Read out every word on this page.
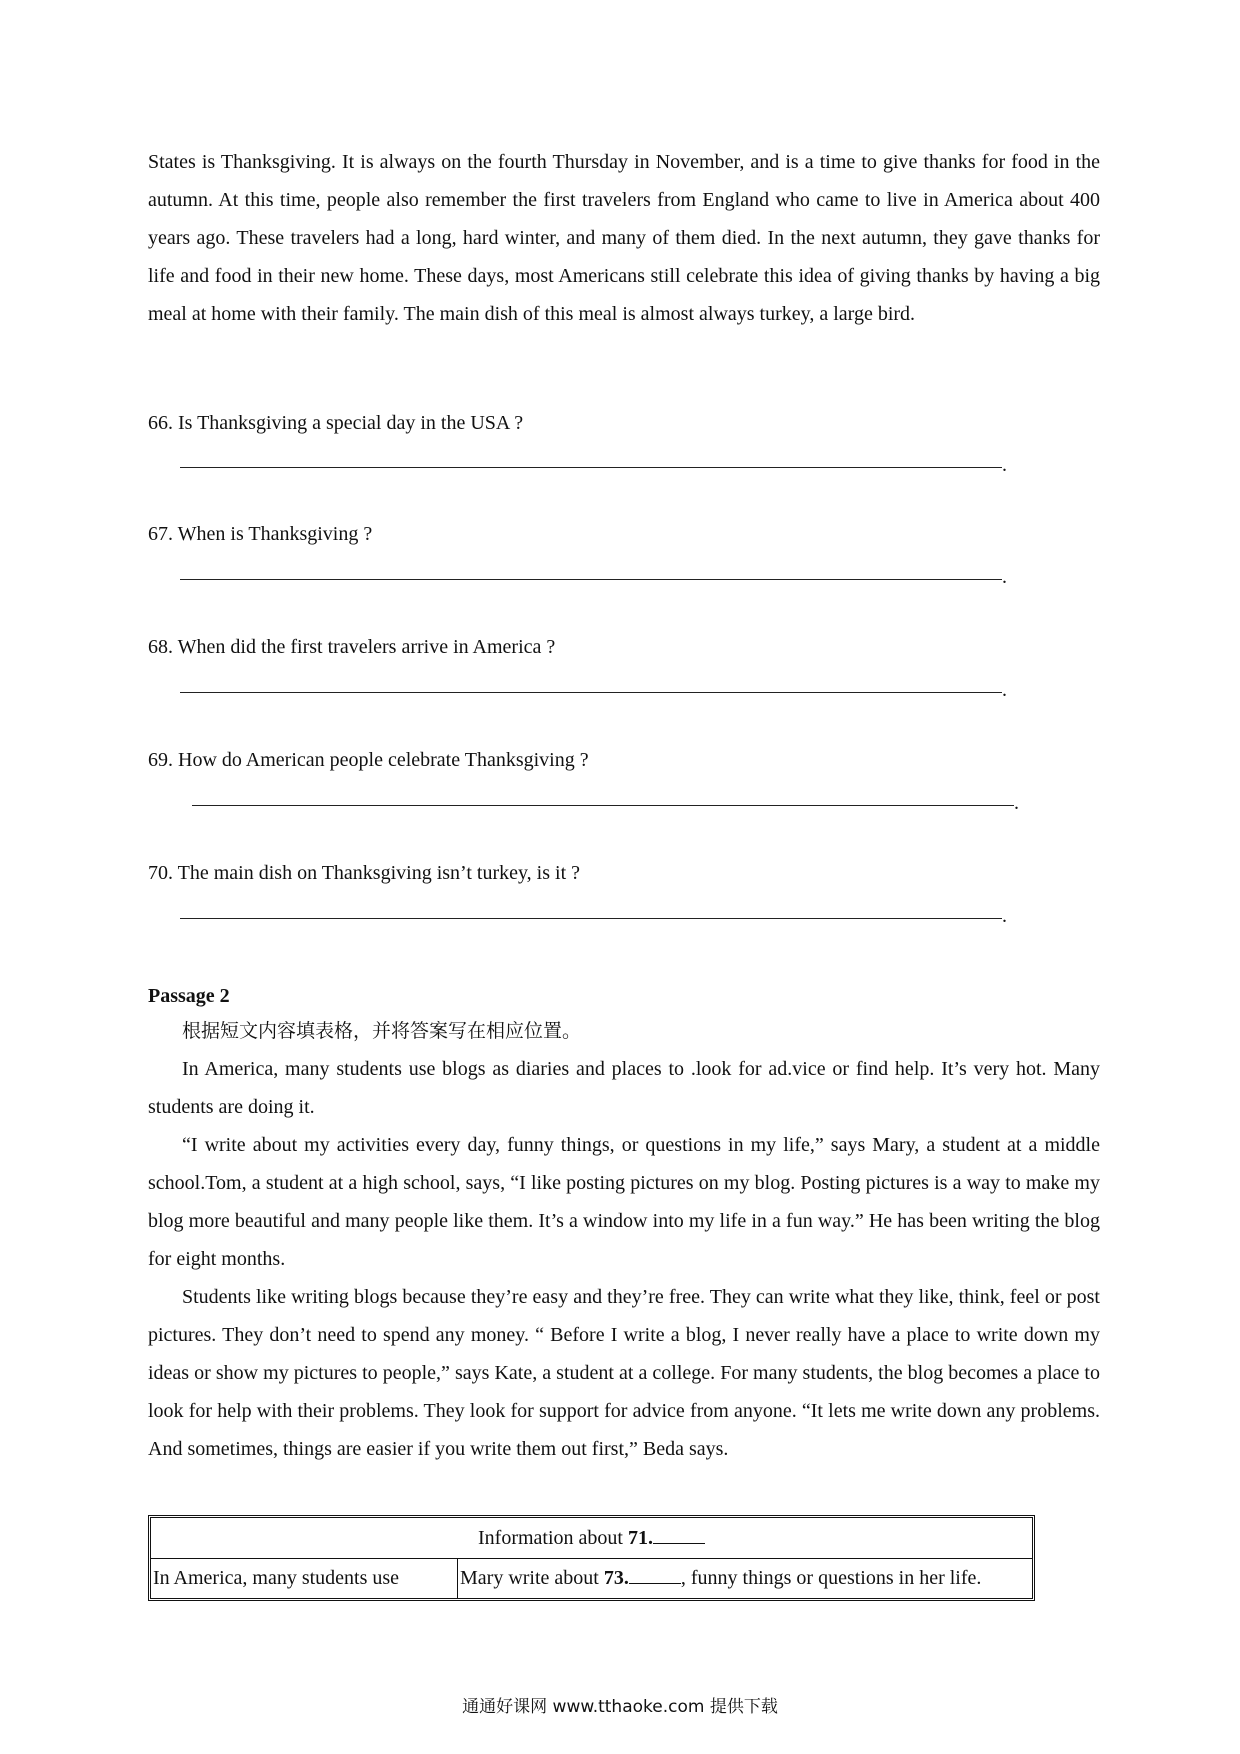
States is Thanksgiving. It is always on the fourth Thursday in November, and is a time to give thanks for food in the autumn. At this time, people also remember the first travelers from England who came to live in America about 400 years ago. These travelers had a long, hard winter, and many of them died. In the next autumn, they gave thanks for life and food in their new home. These days, most Americans still celebrate this idea of giving thanks by having a big meal at home with their family. The main dish of this meal is almost always turkey, a large bird.

66. Is Thanksgiving a special day in the USA ?
.
67. When is Thanksgiving ?
.
68. When did the first travelers arrive in America ?
.
69. How do American people celebrate Thanksgiving ?
.
70. The main dish on Thanksgiving isn’t turkey, is it ?
.
Passage 2
根据短文内容填表格，并将答案写在相应位置。

In America, many students use blogs as diaries and places to .look for ad.vice or find help. It’s very hot. Many students are doing it.

“I write about my activities every day, funny things, or questions in my life,” says Mary, a student at a middle school.Tom, a student at a high school, says, “I like posting pictures on my blog. Posting pictures is a way to make my blog more beautiful and many people like them. It’s a window into my life in a fun way.” He has been writing the blog for eight months.

Students like writing blogs because they’re easy and they’re free. They can write what they like, think, feel or post pictures. They don’t need to spend any money. “ Before I write a blog, I never really have a place to write down my ideas or show my pictures to people,” says Kate, a student at a college. For many students, the blog becomes a place to look for help with their problems. They look for support for advice from anyone. “It lets me write down any problems. And sometimes, things are easier if you write them out first,” Beda says.

Information about 71.
In America, many students use	Mary write about 73.	, funny things or questions in her life.
通通好课网 www.tthaoke.com 提供下载
